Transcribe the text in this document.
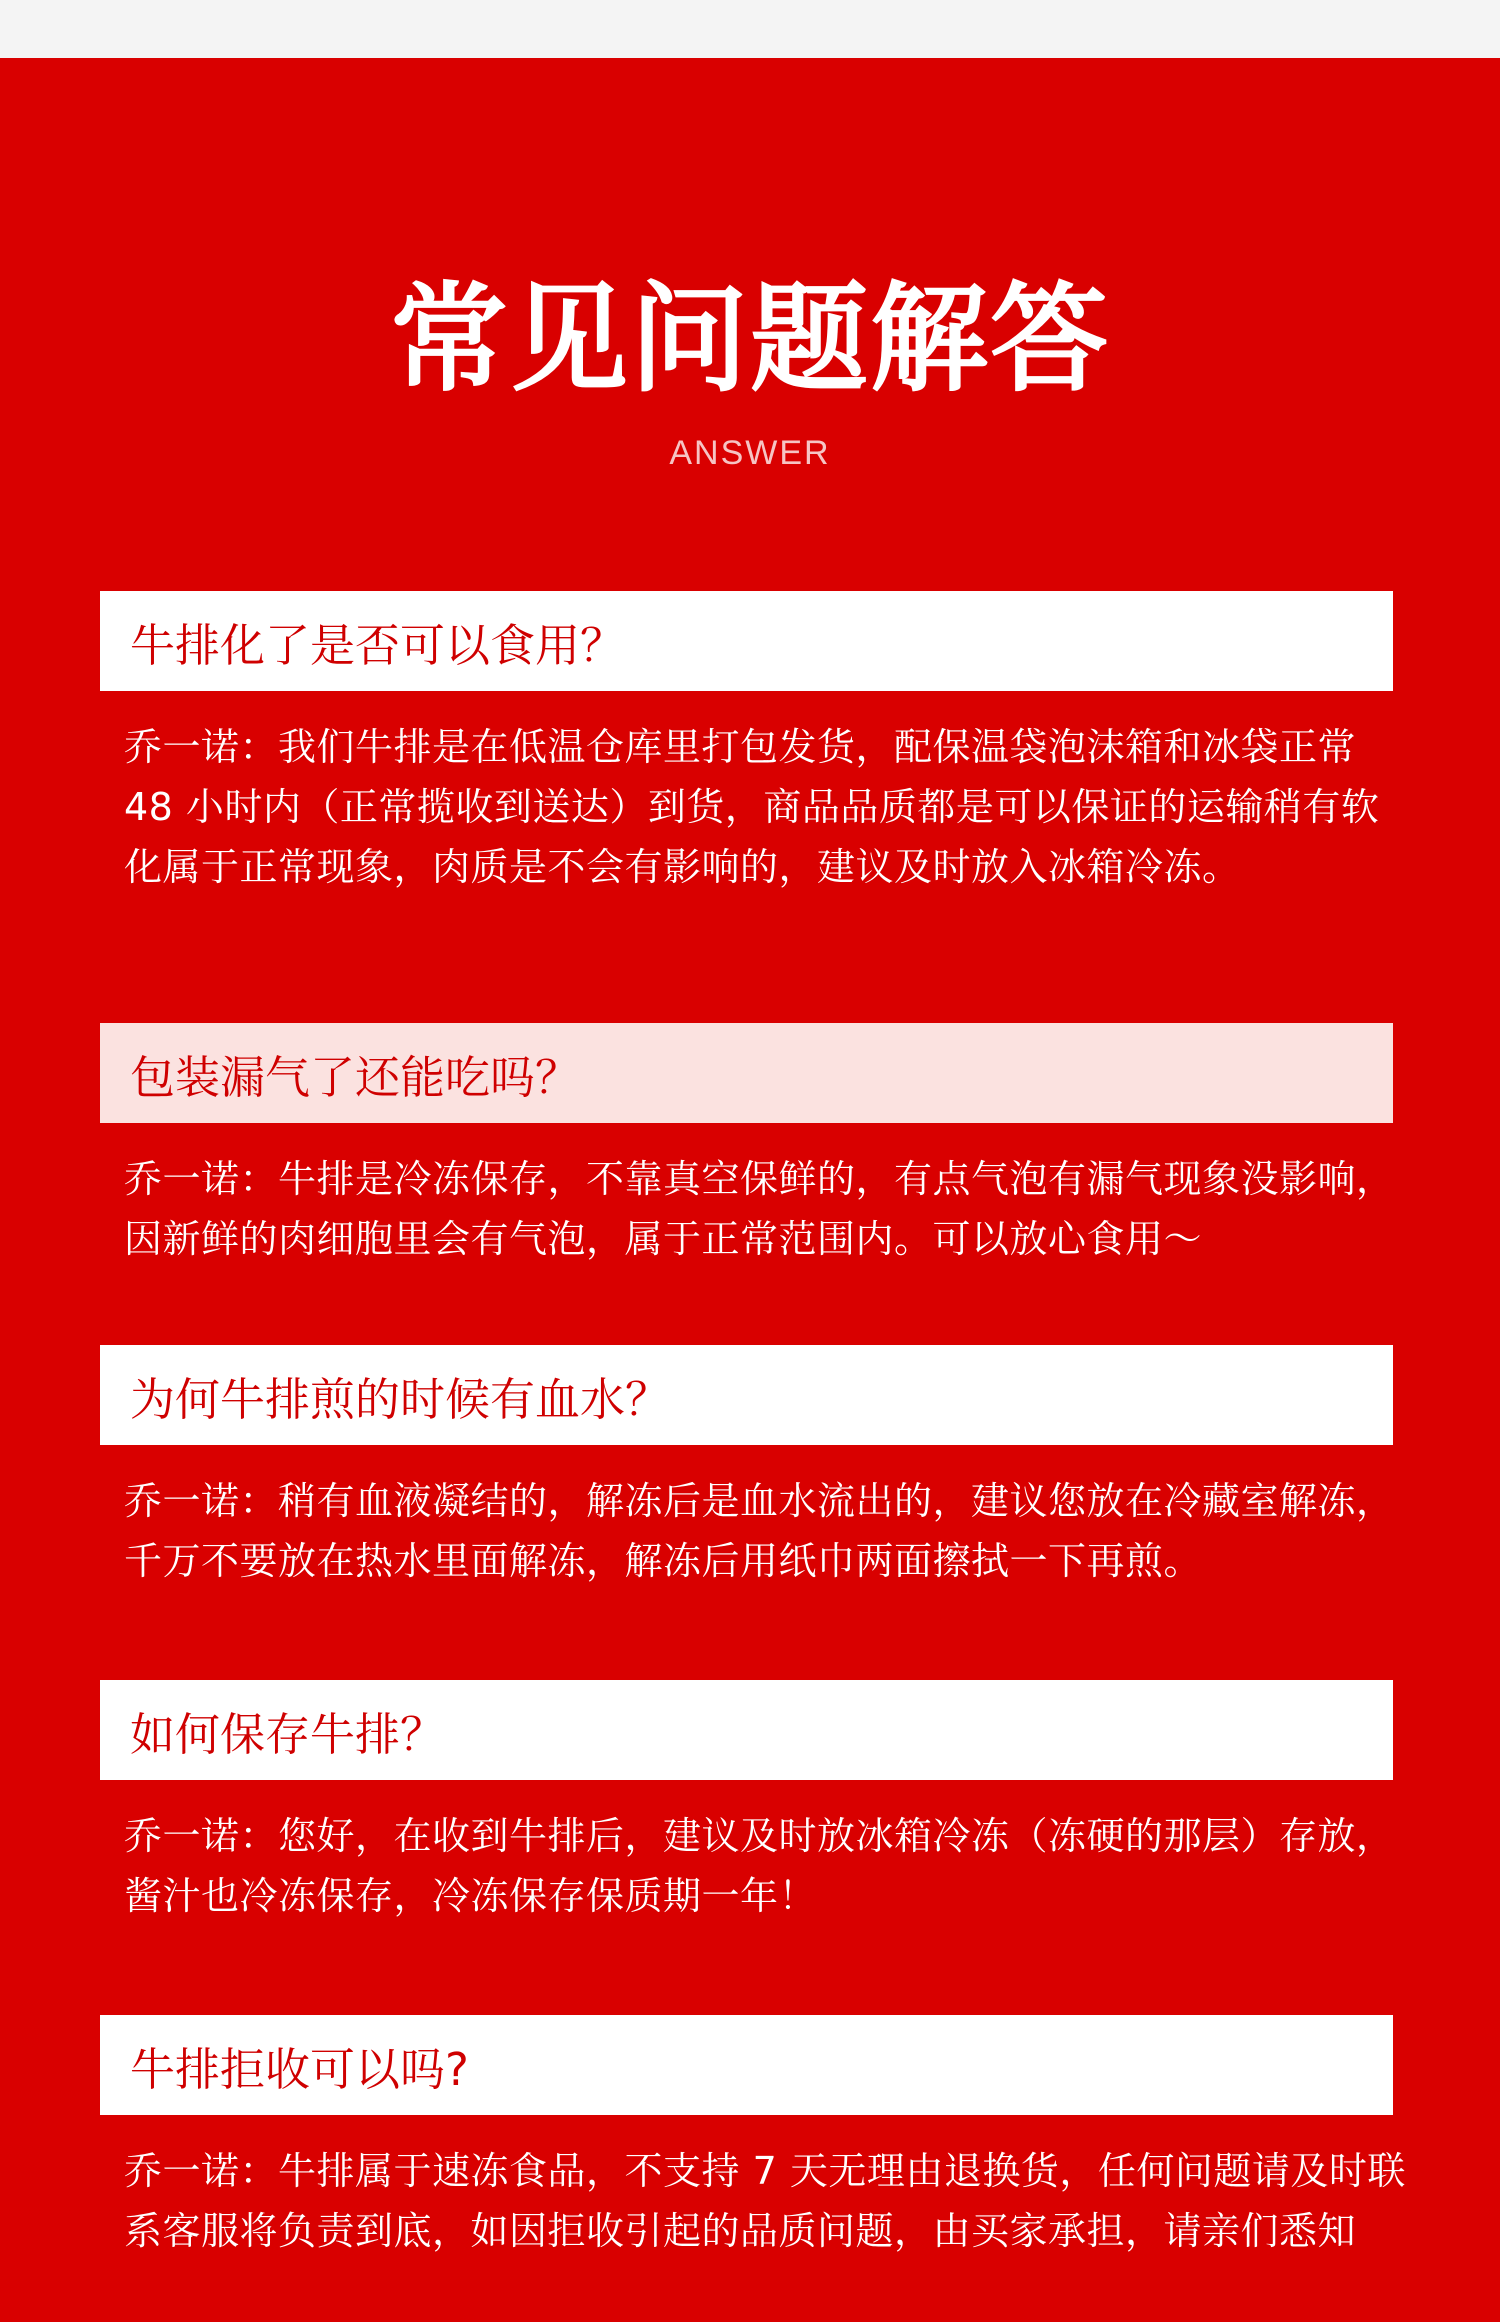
常见问题解答
ANSWER
牛排化了是否可以食用？

乔一诺：我们牛排是在低温仓库里打包发货，配保温袋泡沫箱和冰袋正常 48 小时内（正常揽收到送达）到货，商品品质都是可以保证的运输稍有软化属于正常现象，肉质是不会有影响的，建议及时放入冰箱冷冻。

包装漏气了还能吃吗？

乔一诺：牛排是冷冻保存，不靠真空保鲜的，有点气泡有漏气现象没影响，因新鲜的肉细胞里会有气泡，属于正常范围内。可以放心食用～

为何牛排煎的时候有血水？

乔一诺：稍有血液凝结的，解冻后是血水流出的，建议您放在冷藏室解冻，千万不要放在热水里面解冻，解冻后用纸巾两面擦拭一下再煎。

如何保存牛排？

乔一诺：您好，在收到牛排后，建议及时放冰箱冷冻（冻硬的那层）存放，酱汁也冷冻保存，冷冻保存保质期一年！

牛排拒收可以吗?

乔一诺：牛排属于速冻食品，不支持 7 天无理由退换货，任何问题请及时联系客服将负责到底，如因拒收引起的品质问题，由买家承担，请亲们悉知
